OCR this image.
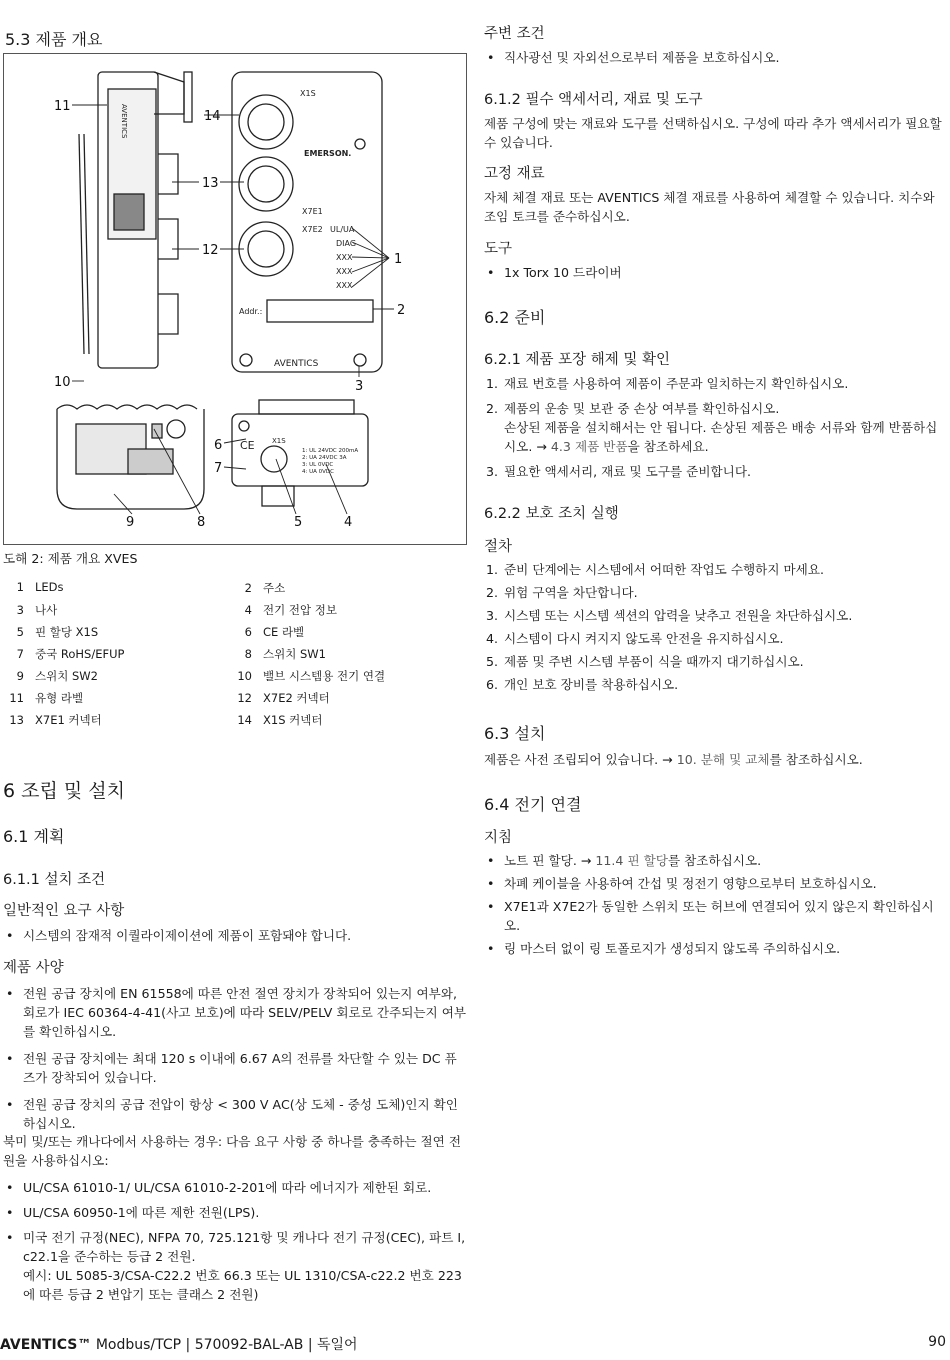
5.3 제품 개요
X1S
EMERSON.
X7E1
X7E2 UL/UA
DIAG
XXX
XXX
XXX
Addr.:
AVENTICS
AVENTICS
CE X1S
1: UL 24VDC 200mA
2: UA 24VDC 3A
3: UL 0VDC
4: UA 0VDC
11
14
13
12
1
2
10	3
6
7
9	8	5	4
도해 2: 제품 개요 XVES
1 LEDs	2 주소
3 나사	4 전기 전압 정보
5 핀 할당 X1S	6 CE 라벨
7 중국 RoHS/EFUP	8 스위치 SW1
9 스위치 SW2	10 밸브 시스템용 전기 연결
11 유형 라벨	12 X7E2 커넥터
13 X7E1 커넥터	14 X1S 커넥터
6 조립 및 설치
6.1 계획
6.1.1 설치 조건
일반적인 요구 사항
• 시스템의 잠재적 이퀄라이제이션에 제품이 포함돼야 합니다.
제품 사양
• 전원 공급 장치에 EN 61558에 따른 안전 절연 장치가 장착되어 있는지 여부와, 회로가 IEC 60364-4-41(사고 보호)에 따라 SELV/PELV 회로로 간주되는지 여부를 확인하십시오.
• 전원 공급 장치에는 최대 120 s 이내에 6.67 A의 전류를 차단할 수 있는 DC 퓨즈가 장착되어 있습니다.
• 전원 공급 장치의 공급 전압이 항상 < 300 V AC(상 도체 - 중성 도체)인지 확인하십시오.
북미 및/또는 캐나다에서 사용하는 경우: 다음 요구 사항 중 하나를 충족하는 절연 전원을 사용하십시오:
• UL/CSA 61010-1/ UL/CSA 61010-2-201에 따라 에너지가 제한된 회로.
• UL/CSA 60950-1에 따른 제한 전원(LPS).
• 미국 전기 규정(NEC), NFPA 70, 725.121항 및 캐나다 전기 규정(CEC), 파트 I, c22.1을 준수하는 등급 2 전원.
예시: UL 5085-3/CSA-C22.2 번호 66.3 또는 UL 1310/CSA-c22.2 번호 223에 따른 등급 2 변압기 또는 클래스 2 전원)
주변 조건
• 직사광선 및 자외선으로부터 제품을 보호하십시오.
6.1.2 필수 액세서리, 재료 및 도구
제품 구성에 맞는 재료와 도구를 선택하십시오. 구성에 따라 추가 액세서리가 필요할 수 있습니다.
고정 재료
자체 체결 재료 또는 AVENTICS 체결 재료를 사용하여 체결할 수 있습니다. 치수와 조임 토크를 준수하십시오.
도구
• 1x Torx 10 드라이버
6.2 준비
6.2.1 제품 포장 해제 및 확인
1. 재료 번호를 사용하여 제품이 주문과 일치하는지 확인하십시오.
2. 제품의 운송 및 보관 중 손상 여부를 확인하십시오.
손상된 제품을 설치해서는 안 됩니다. 손상된 제품은 배송 서류와 함께 반품하십시오. → 4.3 제품 반품을 참조하세요.
3. 필요한 액세서리, 재료 및 도구를 준비합니다.
6.2.2 보호 조치 실행
절차
1. 준비 단계에는 시스템에서 어떠한 작업도 수행하지 마세요.
2. 위험 구역을 차단합니다.
3. 시스템 또는 시스템 섹션의 압력을 낮추고 전원을 차단하십시오.
4. 시스템이 다시 켜지지 않도록 안전을 유지하십시오.
5. 제품 및 주변 시스템 부품이 식을 때까지 대기하십시오.
6. 개인 보호 장비를 착용하십시오.
6.3 설치
제품은 사전 조립되어 있습니다. → 10. 분해 및 교체를 참조하십시오.
6.4 전기 연결
지침
• 노트 핀 할당. → 11.4 핀 할당를 참조하십시오.
• 차폐 케이블을 사용하여 간섭 및 정전기 영향으로부터 보호하십시오.
• X7E1과 X7E2가 동일한 스위치 또는 허브에 연결되어 있지 않은지 확인하십시오.
• 링 마스터 없이 링 토폴로지가 생성되지 않도록 주의하십시오.
AVENTICS™ Modbus/TCP | 570092-BAL-AB | 독일어	90
